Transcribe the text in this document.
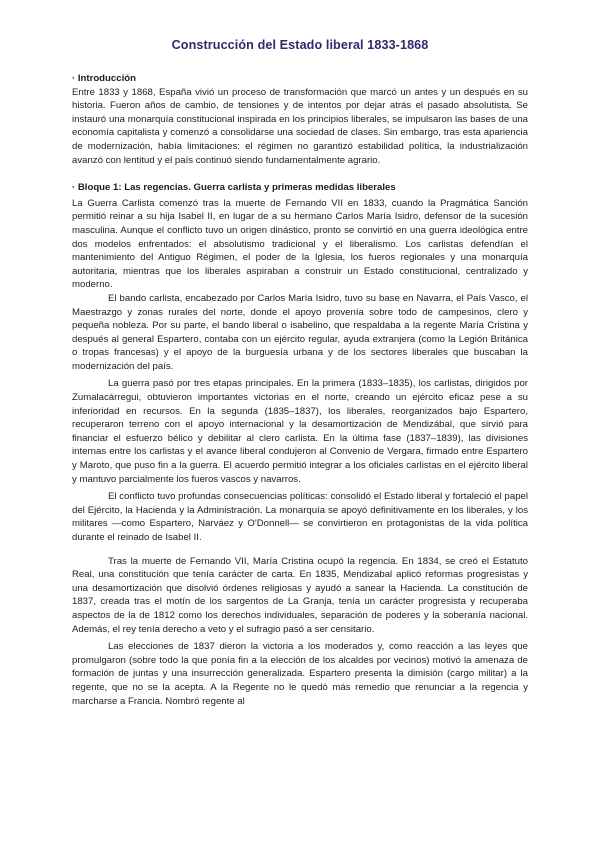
Construcción del Estado liberal 1833-1868
· Introducción

Entre 1833 y 1868, España vivió un proceso de transformación que marcó un antes y un después en su historia. Fueron años de cambio, de tensiones y de intentos por dejar atrás el pasado absolutista. Se instauró una monarquía constitucional inspirada en los principios liberales, se impulsaron las bases de una economía capitalista y comenzó a consolidarse una sociedad de clases. Sin embargo, tras esta apariencia de modernización, había limitaciones: el régimen no garantizó estabilidad política, la industrialización avanzó con lentitud y el país continuó siendo fundamentalmente agrario.

· Bloque 1: Las regencias. Guerra carlista y primeras medidas liberales

La Guerra Carlista comenzó tras la muerte de Fernando VII en 1833, cuando la Pragmática Sanción permitió reinar a su hija Isabel II, en lugar de a su hermano Carlos María Isidro, defensor de la sucesión masculina. Aunque el conflicto tuvo un origen dinástico, pronto se convirtió en una guerra ideológica entre dos modelos enfrentados: el absolutismo tradicional y el liberalismo. Los carlistas defendían el mantenimiento del Antiguo Régimen, el poder de la Iglesia, los fueros regionales y una monarquía autoritaria, mientras que los liberales aspiraban a construir un Estado constitucional, centralizado y moderno.

El bando carlista, encabezado por Carlos María Isidro, tuvo su base en Navarra, el País Vasco, el Maestrazgo y zonas rurales del norte, donde el apoyo provenía sobre todo de campesinos, clero y pequeña nobleza. Por su parte, el bando liberal o isabelino, que respaldaba a la regente María Cristina y después al general Espartero, contaba con un ejército regular, ayuda extranjera (como la Legión Británica o tropas francesas) y el apoyo de la burguesía urbana y de los sectores liberales que buscaban la modernización del país.

La guerra pasó por tres etapas principales. En la primera (1833–1835), los carlistas, dirigidos por Zumalacárregui, obtuvieron importantes victorias en el norte, creando un ejército eficaz pese a su inferioridad en recursos. En la segunda (1835–1837), los liberales, reorganizados bajo Espartero, recuperaron terreno con el apoyo internacional y la desamortización de Mendizábal, que sirvió para financiar el esfuerzo bélico y debilitar al clero carlista. En la última fase (1837–1839), las divisiones internas entre los carlistas y el avance liberal condujeron al Convenio de Vergara, firmado entre Espartero y Maroto, que puso fin a la guerra. El acuerdo permitió integrar a los oficiales carlistas en el ejército liberal y mantuvo parcialmente los fueros vascos y navarros.

El conflicto tuvo profundas consecuencias políticas: consolidó el Estado liberal y fortaleció el papel del Ejército, la Hacienda y la Administración. La monarquía se apoyó definitivamente en los liberales, y los militares —como Espartero, Narváez y O'Donnell— se convirtieron en protagonistas de la vida política durante el reinado de Isabel II.

Tras la muerte de Fernando VII, María Cristina ocupó la regencia. En 1834, se creó el Estatuto Real, una constitución que tenía carácter de carta. En 1835, Mendizabal aplicó reformas progresistas y una desamortización que disolvió órdenes religiosas y ayudó a sanear la Hacienda. La constitución de 1837, creada tras el motín de los sargentos de La Granja, tenía un carácter progresista y recuperaba aspectos de la de 1812 como los derechos individuales, separación de poderes y la soberanía nacional. Además, el rey tenía derecho a veto y el sufragio pasó a ser censitario.

Las elecciones de 1837 dieron la victoria a los moderados y, como reacción a las leyes que promulgaron (sobre todo la que ponía fin a la elección de los alcaldes por vecinos) motivó la amenaza de formación de juntas y una insurrección generalizada. Espartero presenta la dimisión (cargo militar) a la regente, que no se la acepta. A la Regente no le quedó más remedio que renunciar a la regencia y marcharse a Francia. Nombró regente al
